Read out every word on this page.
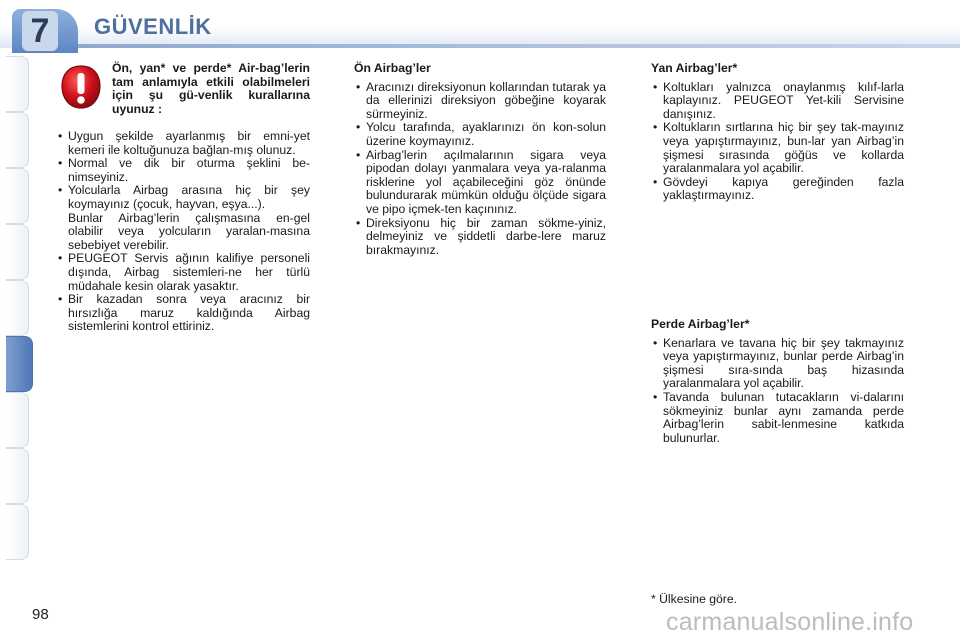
7	GÜVENLİK
Ön, yan* ve perde* Air-bag’lerin tam anlamıyla etkili olabilmeleri için şu gü-venlik kurallarına uyunuz :
• Uygun şekilde ayarlanmış bir emni-yet kemeri ile koltuğunuza bağlan-mış olunuz.
• Normal ve dik bir oturma şeklini be-nimseyiniz.
• Yolcularla Airbag arasına hiç bir şey koymayınız (çocuk, hayvan, eşya...).
Bunlar Airbag’lerin çalışmasına en-gel olabilir veya yolcuların yaralan-masına sebebiyet verebilir.
• PEUGEOT Servis ağının kalifiye personeli dışında, Airbag sistemleri-ne her türlü müdahale kesin olarak yasaktır.
• Bir kazadan sonra veya aracınız bir hırsızlığa maruz kaldığında Airbag sistemlerini kontrol ettiriniz.
Ön Airbag’ler
• Aracınızı direksiyonun kollarından tutarak ya da ellerinizi direksiyon göbeğine koyarak sürmeyiniz.
• Yolcu tarafında, ayaklarınızı ön kon-solun üzerine koymayınız.
• Airbag’lerin açılmalarının sigara veya pipodan dolayı yanmalara veya ya-ralanma risklerine yol açabileceğini göz önünde bulundurarak mümkün olduğu ölçüde sigara ve pipo içmek-ten kaçınınız.
• Direksiyonu hiç bir zaman sökme-yiniz, delmeyiniz ve şiddetli darbe-lere maruz bırakmayınız.
Yan Airbag’ler*
• Koltukları yalnızca onaylanmış kılıf-larla kaplayınız. PEUGEOT Yet-kili Servisine danışınız.
• Koltukların sırtlarına hiç bir şey tak-mayınız veya yapıştırmayınız, bun-lar yan Airbag’in şişmesi sırasında göğüs ve kollarda yaralanmalara yol açabilir.
• Gövdeyi kapıya gereğinden fazla yaklaştırmayınız.
Perde Airbag’ler*
• Kenarlara ve tavana hiç bir şey takmayınız veya yapıştırmayınız, bunlar perde Airbag’in şişmesi sıra-sında baş hizasında yaralanmalara yol açabilir.
• Tavanda bulunan tutacakların vi-dalarını sökmeyiniz bunlar aynı zamanda perde Airbag’lerin sabit-lenmesine katkıda bulunurlar.
* Ülkesine göre.
98	carmanualsonline.info
